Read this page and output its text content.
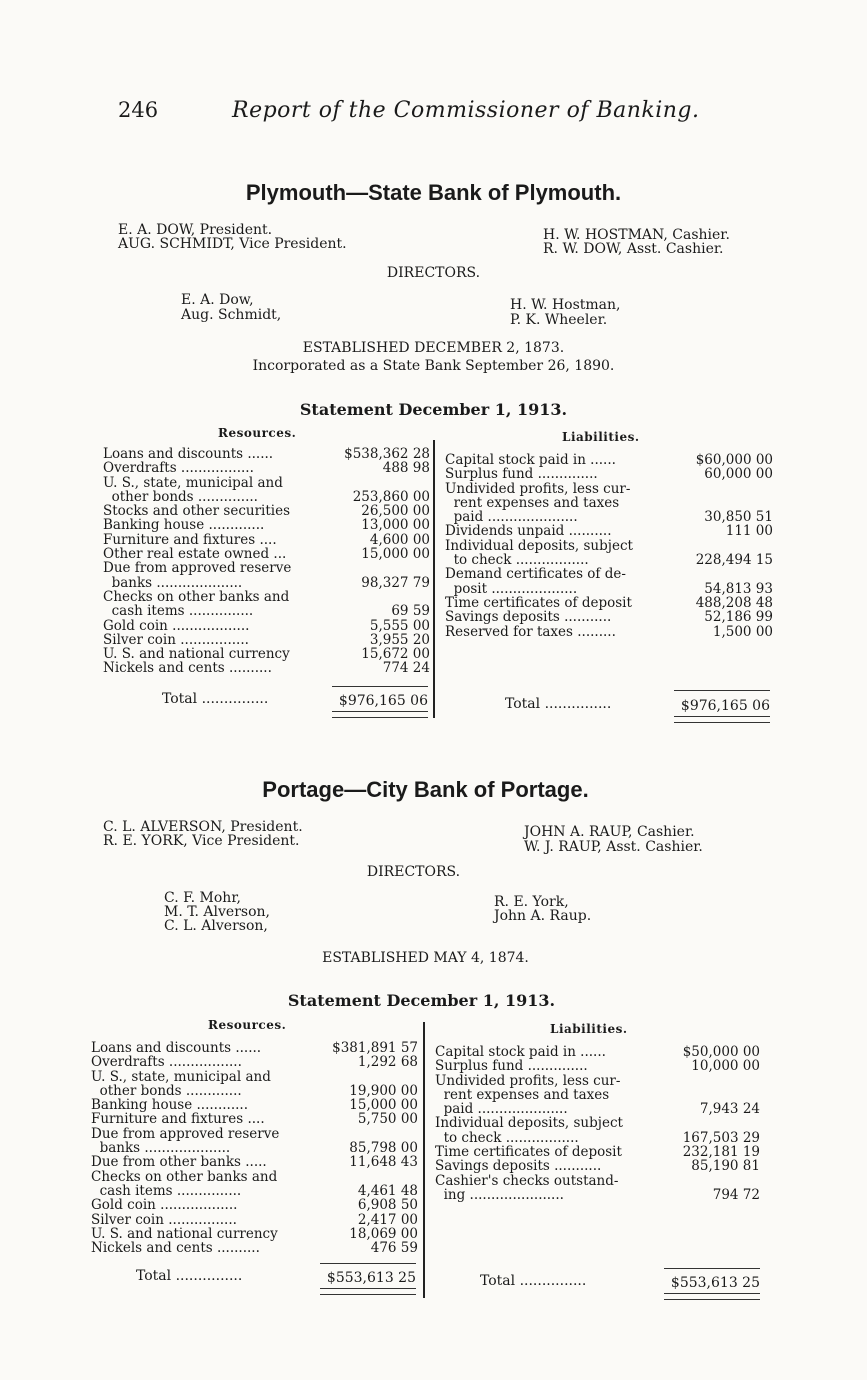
246	Report of the Commissioner of Banking.
Plymouth—State Bank of Plymouth.
E. A. DOW, President.
AUG. SCHMIDT, Vice President.
H. W. HOSTMAN, Cashier.
R. W. DOW, Asst. Cashier.
DIRECTORS.
E. A. Dow,
Aug. Schmidt,
H. W. Hostman,
P. K. Wheeler.
ESTABLISHED DECEMBER 2, 1873.
Incorporated as a State Bank September 26, 1890.
Statement December 1, 1913.
Resources.	Liabilities.
Loans and discounts ......	$538,362 28
Overdrafts .................	488 98
U. S., state, municipal and
other bonds ..............	253,860 00
Stocks and other securities	26,500 00
Banking house .............	13,000 00
Furniture and fixtures ....	4,600 00
Other real estate owned ...	15,000 00
Due from approved reserve
banks ....................	98,327 79
Checks on other banks and
cash items ...............	69 59
Gold coin ..................	5,555 00
Silver coin ................	3,955 20
U. S. and national currency	15,672 00
Nickels and cents ..........	774 24
Total ...............	$976,165 06
Capital stock paid in ......	$60,000 00
Surplus fund ..............	60,000 00
Undivided profits, less cur-
rent expenses and taxes
paid .....................	30,850 51
Dividends unpaid ..........	111 00
Individual deposits, subject
to check .................	228,494 15
Demand certificates of de-
posit ....................	54,813 93
Time certificates of deposit	488,208 48
Savings deposits ...........	52,186 99
Reserved for taxes .........	1,500 00
Total ...............	$976,165 06
Portage—City Bank of Portage.
C. L. ALVERSON, President.
R. E. YORK, Vice President.
JOHN A. RAUP, Cashier.
W. J. RAUP, Asst. Cashier.
DIRECTORS.
C. F. Mohr,
M. T. Alverson,
C. L. Alverson,
R. E. York,
John A. Raup.
ESTABLISHED MAY 4, 1874.
Statement December 1, 1913.
Resources.	Liabilities.
Loans and discounts ......	$381,891 57
Overdrafts .................	1,292 68
U. S., state, municipal and
other bonds .............	19,900 00
Banking house ............	15,000 00
Furniture and fixtures ....	5,750 00
Due from approved reserve
banks ....................	85,798 00
Due from other banks .....	11,648 43
Checks on other banks and
cash items ...............	4,461 48
Gold coin ..................	6,908 50
Silver coin ................	2,417 00
U. S. and national currency	18,069 00
Nickels and cents ..........	476 59
Total ...............	$553,613 25
Capital stock paid in ......	$50,000 00
Surplus fund ..............	10,000 00
Undivided profits, less cur-
rent expenses and taxes
paid .....................	7,943 24
Individual deposits, subject
to check .................	167,503 29
Time certificates of deposit	232,181 19
Savings deposits ...........	85,190 81
Cashier's checks outstand-
ing ......................	794 72
Total ...............	$553,613 25
